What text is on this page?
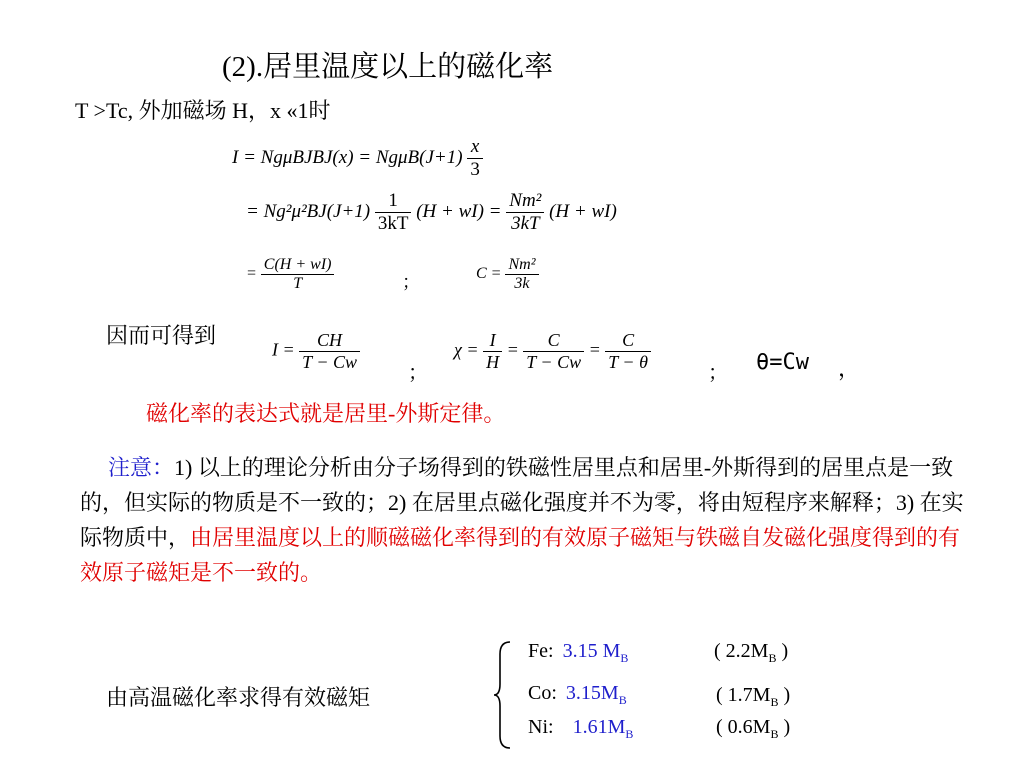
(2).居里温度以上的磁化率
T >Tc, 外加磁场 H，x «1时
I = NgμBJBJ(x) = $Ng\mu B(J+1) \frac{x}{3}$
= $Ng^2\mu^2BJ(J+1) \frac{1}{3kT} (H + wI) = \frac{\text{Nm²}}{3kT} (H + wI)$
= $\frac{C(H + wI)}{T}$	；	$C = \frac{\text{Nm²}}{3k}$
因而可得到
$I = \frac{CH}{T - Cw}$ ；
$\chi = \frac{I}{H} = \frac{C}{T - Cw} = \frac{C}{T - \theta}$	； θ=Cw ，
磁化率的表达式就是居里-外斯定律。
注意：1) 以上的理论分析由分子场得到的铁磁性居里点和居里-外斯得到的居里点是一致的，但实际的物质是不一致的；2) 在居里点磁化强度并不为零，将由短程序来解释；3) 在实际物质中，由居里温度以上的顺磁磁化率得到的有效原子磁矩与铁磁自发磁化强度得到的有效原子磁矩是不一致的。
由高温磁化率求得有效磁矩
Fe: 3.15 $M_B$	( $2.2M_B$ )
Co: $3.15M_B$	( $1.7M_B$ )
Ni: $1.61M_B$	( $0.6M_B$ )
